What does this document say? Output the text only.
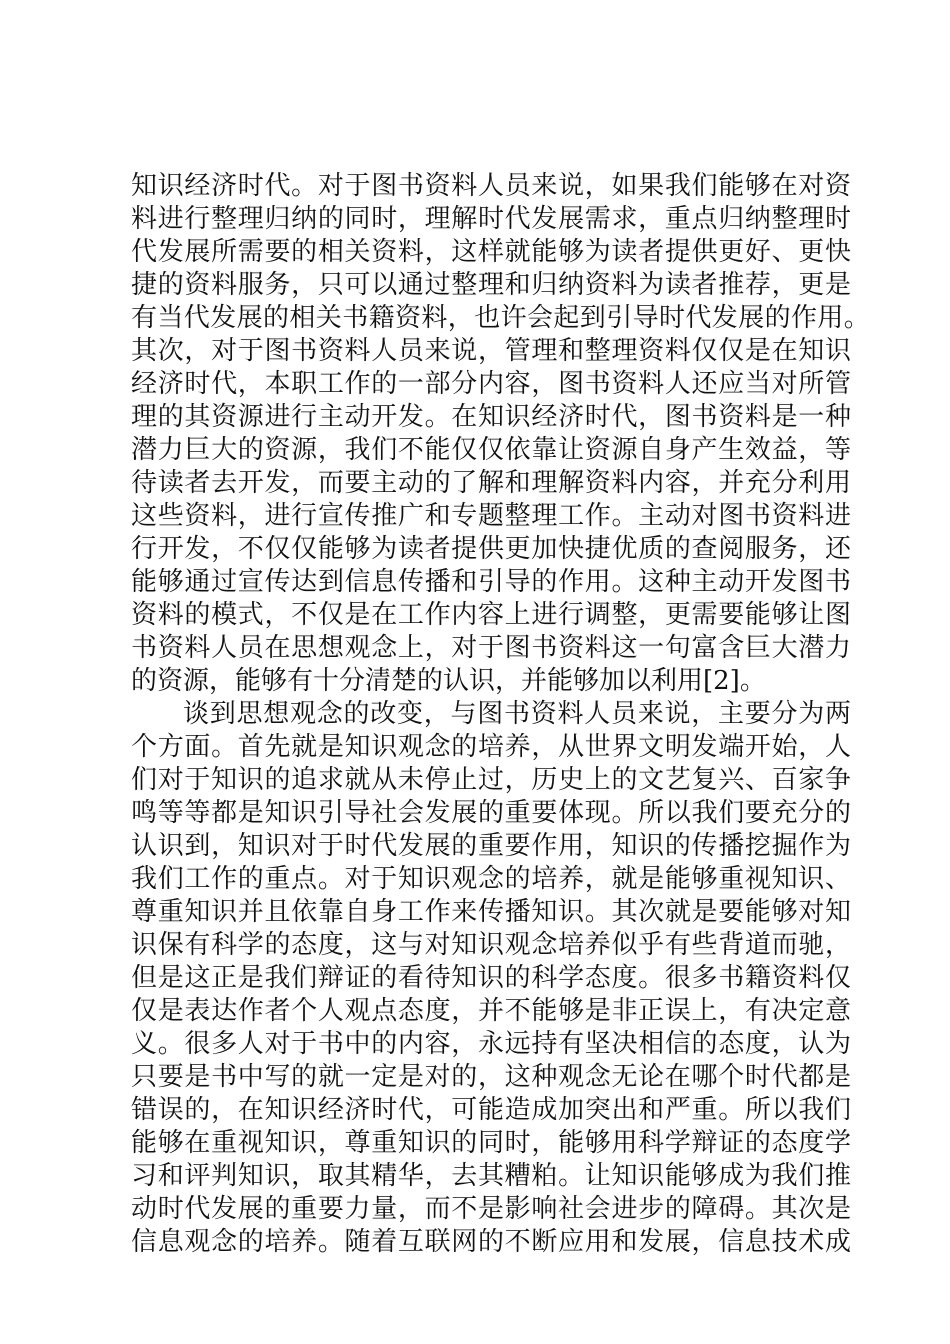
知识经济时代。对于图书资料人员来说，如果我们能够在对资
料进行整理归纳的同时，理解时代发展需求，重点归纳整理时
代发展所需要的相关资料，这样就能够为读者提供更好、更快
捷的资料服务，只可以通过整理和归纳资料为读者推荐，更是
有当代发展的相关书籍资料，也许会起到引导时代发展的作用。
其次，对于图书资料人员来说，管理和整理资料仅仅是在知识
经济时代，本职工作的一部分内容，图书资料人还应当对所管
理的其资源进行主动开发。在知识经济时代，图书资料是一种
潜力巨大的资源，我们不能仅仅依靠让资源自身产生效益，等
待读者去开发，而要主动的了解和理解资料内容，并充分利用
这些资料，进行宣传推广和专题整理工作。主动对图书资料进
行开发，不仅仅能够为读者提供更加快捷优质的查阅服务，还
能够通过宣传达到信息传播和引导的作用。这种主动开发图书
资料的模式，不仅是在工作内容上进行调整，更需要能够让图
书资料人员在思想观念上，对于图书资料这一句富含巨大潜力
的资源，能够有十分清楚的认识，并能够加以利用[2]。
谈到思想观念的改变，与图书资料人员来说，主要分为两
个方面。首先就是知识观念的培养，从世界文明发端开始，人
们对于知识的追求就从未停止过，历史上的文艺复兴、百家争
鸣等等都是知识引导社会发展的重要体现。所以我们要充分的
认识到，知识对于时代发展的重要作用，知识的传播挖掘作为
我们工作的重点。对于知识观念的培养，就是能够重视知识、
尊重知识并且依靠自身工作来传播知识。其次就是要能够对知
识保有科学的态度，这与对知识观念培养似乎有些背道而驰，
但是这正是我们辩证的看待知识的科学态度。很多书籍资料仅
仅是表达作者个人观点态度，并不能够是非正误上，有决定意
义。很多人对于书中的内容，永远持有坚决相信的态度，认为
只要是书中写的就一定是对的，这种观念无论在哪个时代都是
错误的，在知识经济时代，可能造成加突出和严重。所以我们
能够在重视知识，尊重知识的同时，能够用科学辩证的态度学
习和评判知识，取其精华，去其糟粕。让知识能够成为我们推
动时代发展的重要力量，而不是影响社会进步的障碍。其次是
信息观念的培养。随着互联网的不断应用和发展，信息技术成
